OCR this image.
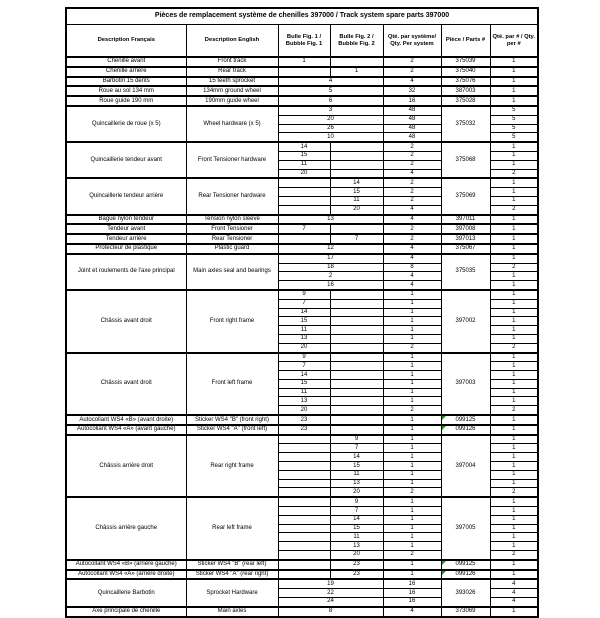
Pièces de remplacement système de chenilles 397000 / Track system spare parts 397000						
Description Français	Description English	Bulle Fig. 1 / Bubble Fig. 1	Bulle Fig. 2 / Bubble Fig. 2	Qté. par système/ Qty. Per system	Pièce / Parts #	Qté. par # / Qty. per #
Chenille avant	Front track	1		2	375039	1
Chenille arrière	Rear track		1	2	375040	1
Barbotin 15 dents	15 teeth sprocket	4		4	375076	1
Roue au sol 134 mm	134mm ground wheel	5		32	387003	1
Roue guide 190 mm	190mm guide wheel	6		16	375028	1
Quincaillerie de roue (x 5)	Wheel hardware (x 5)	3		48	375032	5
		20		48		5
		26		48		5
		10		48		5
Quincaillerie tendeur avant	Front Tensioner hardware	14		2	375068	1
		15		2		1
		11		2		1
		20		4		2
Quincaillerie tendeur arrière	Rear Tensioner hardware		14	2	375069	1
			15	2		1
			11	2		1
			20	4		2
Bague nylon tendeur	Tension nylon sleeve	13		4	397011	1
Tendeur avant	Front Tensioner	7		2	397008	1
Tendeur arrière	Rear Tensioner		7	2	397013	1
Protecteur de plastique	Plastic guard	12		4	375067	1
Joint et roulements de l'axe principal	Main axles seal and bearings	17		4	375035	1
		18		8		2
		2		4		1
		16		4		1
Châssis avant droit	Front right frame	9		1	397002	1
		7		1		1
		14		1		1
		15		1		1
		11		1		1
		13		1		1
		20		2		2
Châssis avant droit	Front left frame	9		1	397003	1
		7		1		1
		14		1		1
		15		1		1
		11		1		1
		13		1		1
		20		2		2
Autocollant WS4 «B» (avant droite)	Sticker WS4 "B" (front right)	23		1	099125	1
Autocollant WS4 «A» (avant gauche)	Sticker WS4 "A" (front left)	23		1	099126	1
Châssis arrière droit	Rear right frame		9	1	397004	1
			7	1		1
			14	1		1
			15	1		1
			11	1		1
			13	1		1
			20	2		2
Châssis arrière gauche	Rear left frame		9	1	397005	1
			7	1		1
			14	1		1
			15	1		1
			11	1		1
			13	1		1
			20	2		2
Autocollant WS4 «B» (arrière gauche)	Sticker WS4 "B" (rear left)		23	1	099125	1
Autocollant WS4 «A» (arrière droite)	Sticker WS4 "A" (rear right)		23	1	099126	1
Quincaillerie Barbotin	Sprocket Hardware	19		16	393026	4
		22		16		4
		24		16		4
Axe principale de chenille	Main axles	8		4	373069	1
